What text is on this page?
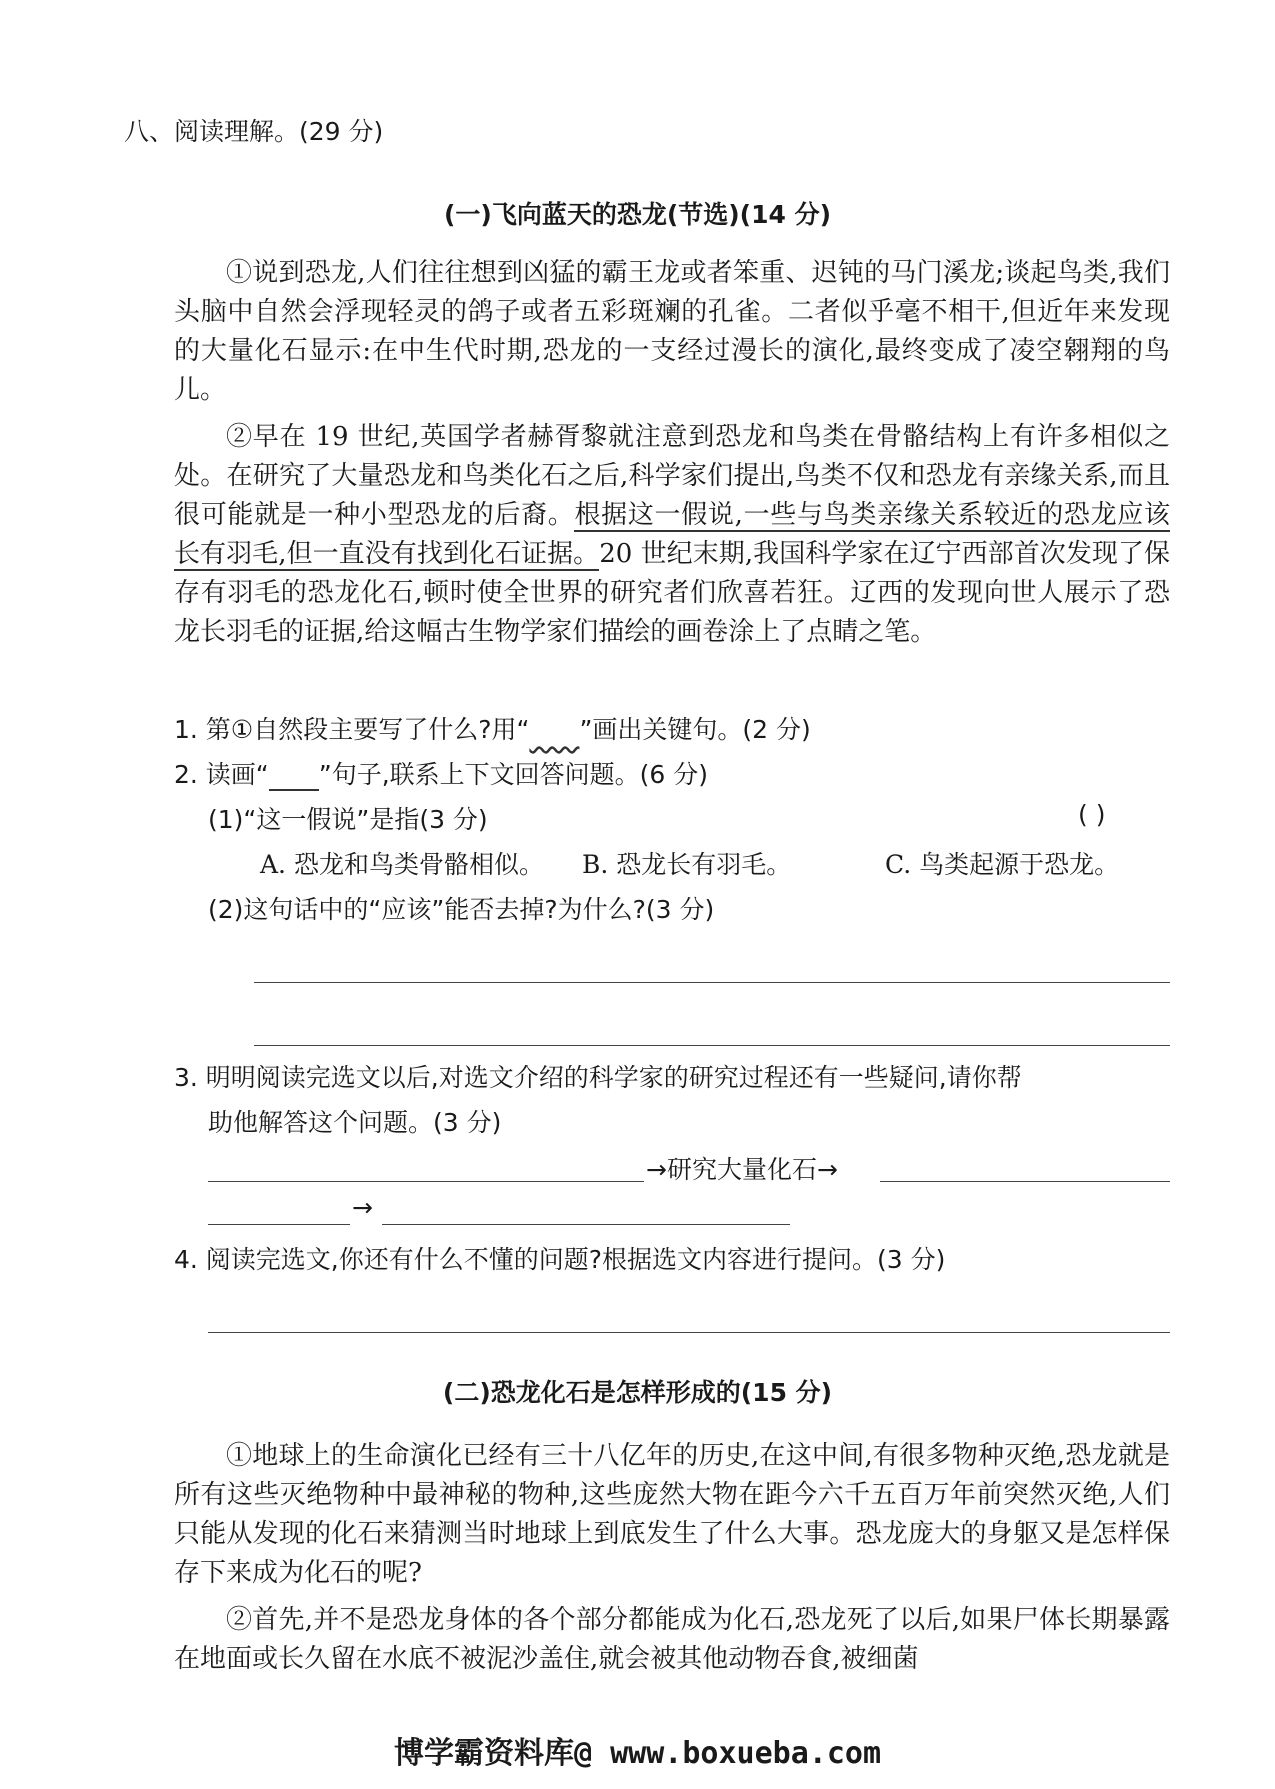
八、阅读理解。(29 分)
(一)飞向蓝天的恐龙(节选)(14 分)

①说到恐龙,人们往往想到凶猛的霸王龙或者笨重、迟钝的马门溪龙;谈起鸟类,我们头脑中自然会浮现轻灵的鸽子或者五彩斑斓的孔雀。二者似乎毫不相干,但近年来发现的大量化石显示:在中生代时期,恐龙的一支经过漫长的演化,最终变成了凌空翱翔的鸟儿。

②早在 19 世纪,英国学者赫胥黎就注意到恐龙和鸟类在骨骼结构上有许多相似之处。在研究了大量恐龙和鸟类化石之后,科学家们提出,鸟类不仅和恐龙有亲缘关系,而且很可能就是一种小型恐龙的后裔。根据这一假说,一些与鸟类亲缘关系较近的恐龙应该长有羽毛,但一直没有找到化石证据。20 世纪末期,我国科学家在辽宁西部首次发现了保存有羽毛的恐龙化石,顿时使全世界的研究者们欣喜若狂。辽西的发现向世人展示了恐龙长羽毛的证据,给这幅古生物学家们描绘的画卷涂上了点睛之笔。

1. 第①自然段主要写了什么?用“   ”画出关键句。(2 分)
2. 读画“   ”句子,联系上下文回答问题。(6 分)
(1)“这一假说”是指(3 分)	( )
A. 恐龙和鸟类骨骼相似。 B. 恐龙长有羽毛。	C. 鸟类起源于恐龙。
(2)这句话中的“应该”能否去掉?为什么?(3 分)
3. 明明阅读完选文以后,对选文介绍的科学家的研究过程还有一些疑问,请你帮
助他解答这个问题。(3 分)
→研究大量化石→
→
4. 阅读完选文,你还有什么不懂的问题?根据选文内容进行提问。(3 分)
(二)恐龙化石是怎样形成的(15 分)

①地球上的生命演化已经有三十八亿年的历史,在这中间,有很多物种灭绝,恐龙就是所有这些灭绝物种中最神秘的物种,这些庞然大物在距今六千五百万年前突然灭绝,人们只能从发现的化石来猜测当时地球上到底发生了什么大事。恐龙庞大的身躯又是怎样保存下来成为化石的呢?

②首先,并不是恐龙身体的各个部分都能成为化石,恐龙死了以后,如果尸体长期暴露在地面或长久留在水底不被泥沙盖住,就会被其他动物吞食,被细菌

博学霸资料库@ www.boxueba.com
